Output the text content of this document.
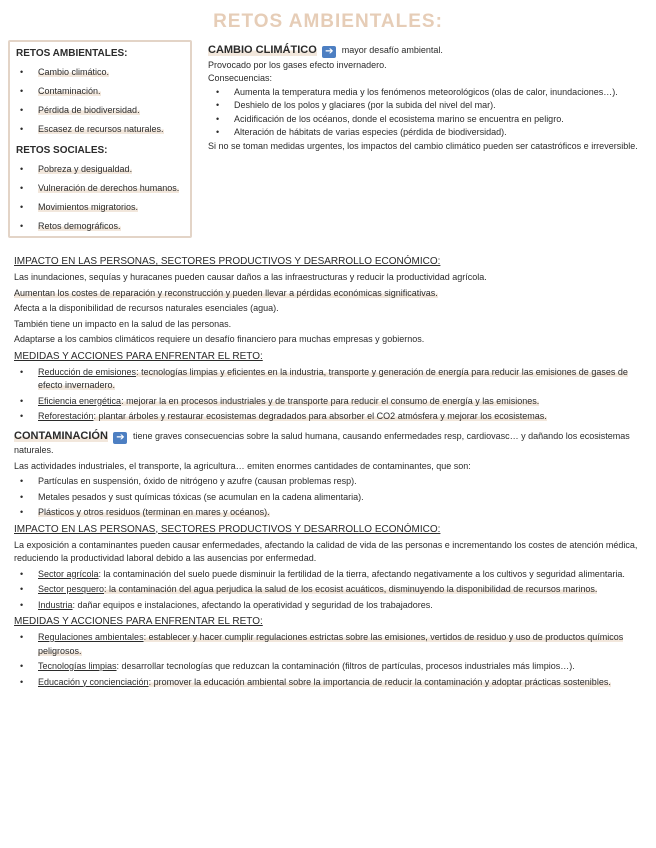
RETOS AMBIENTALES:
RETOS AMBIENTALES:
• Cambio climático.
• Contaminación.
• Pérdida de biodiversidad.
• Escasez de recursos naturales.
RETOS SOCIALES:
• Pobreza y desigualdad.
• Vulneración de derechos humanos.
• Movimientos migratorios.
• Retos demográficos.

CAMBIO CLIMÁTICO ➔ mayor desafío ambiental.

Provocado por los gases efecto invernadero.

Consecuencias:

• Aumenta la temperatura media y los fenómenos meteorológicos (olas de calor, inundaciones…).
• Deshielo de los polos y glaciares (por la subida del nivel del mar).
• Acidificación de los océanos, donde el ecosistema marino se encuentra en peligro.
• Alteración de hábitats de varias especies (pérdida de biodiversidad).

Si no se toman medidas urgentes, los impactos del cambio climático pueden ser catastróficos e irreversible.

IMPACTO EN LAS PERSONAS, SECTORES PRODUCTIVOS Y DESARROLLO ECONÓMICO:

Las inundaciones, sequías y huracanes pueden causar daños a las infraestructuras y reducir la productividad agrícola.

Aumentan los costes de reparación y reconstrucción y pueden llevar a pérdidas económicas significativas.

Afecta a la disponibilidad de recursos naturales esenciales (agua).

También tiene un impacto en la salud de las personas.

Adaptarse a los cambios climáticos requiere un desafío financiero para muchas empresas y gobiernos.

MEDIDAS Y ACCIONES PARA ENFRENTAR EL RETO:
• Reducción de emisiones: tecnologías limpias y eficientes en la industria, transporte y generación de energía para reducir las emisiones de gases de efecto invernadero.
• Eficiencia energética: mejorar la en procesos industriales y de transporte para reducir el consumo de energía y las emisiones.
• Reforestación: plantar árboles y restaurar ecosistemas degradados para absorber el CO2 atmósfera y mejorar los ecosistemas.

CONTAMINACIÓN ➔ tiene graves consecuencias sobre la salud humana, causando enfermedades resp, cardiovasc… y dañando los ecosistemas naturales.

Las actividades industriales, el transporte, la agricultura… emiten enormes cantidades de contaminantes, que son:

• Partículas en suspensión, óxido de nitrógeno y azufre (causan problemas resp).
• Metales pesados y sust químicas tóxicas (se acumulan en la cadena alimentaria).
• Plásticos y otros residuos (terminan en mares y océanos).
IMPACTO EN LAS PERSONAS, SECTORES PRODUCTIVOS Y DESARROLLO ECONÓMICO:

La exposición a contaminantes pueden causar enfermedades, afectando la calidad de vida de las personas e incrementando los costes de atención médica, reduciendo la productividad laboral debido a las ausencias por enfermedad.

• Sector agrícola: la contaminación del suelo puede disminuir la fertilidad de la tierra, afectando negativamente a los cultivos y seguridad alimentaria.
• Sector pesquero: la contaminación del agua perjudica la salud de los ecosist acuáticos, disminuyendo la disponibilidad de recursos marinos.
• Industria: dañar equipos e instalaciones, afectando la operatividad y seguridad de los trabajadores.
MEDIDAS Y ACCIONES PARA ENFRENTAR EL RETO:
• Regulaciones ambientales: establecer y hacer cumplir regulaciones estrictas sobre las emisiones, vertidos de residuo y uso de productos químicos peligrosos.
• Tecnologías limpias: desarrollar tecnologías que reduzcan la contaminación (filtros de partículas, procesos industriales más limpios…).
• Educación y concienciación: promover la educación ambiental sobre la importancia de reducir la contaminación y adoptar prácticas sostenibles.
